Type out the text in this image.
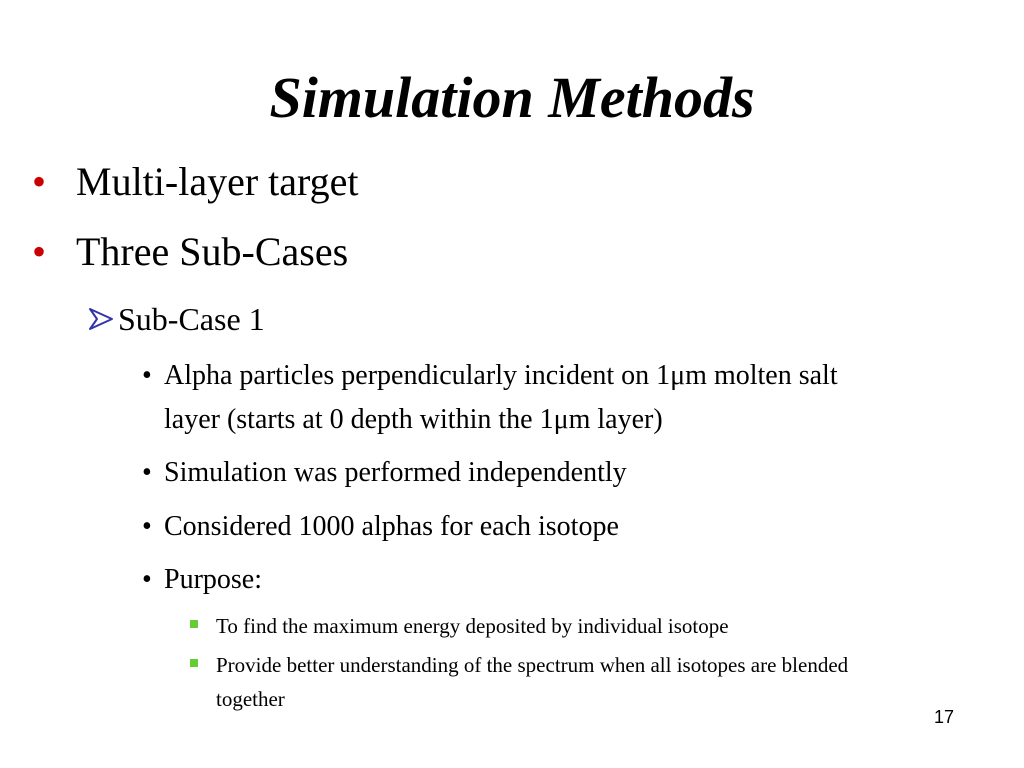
Simulation Methods
• Multi-layer target
• Three Sub-Cases
Sub-Case 1
• Alpha particles perpendicularly incident on 1μm molten salt
layer (starts at 0 depth within the 1μm layer)
• Simulation was performed independently
• Considered 1000 alphas for each isotope
• Purpose:
To find the maximum energy deposited by individual isotope
Provide better understanding of the spectrum when all isotopes are blended
together
17
